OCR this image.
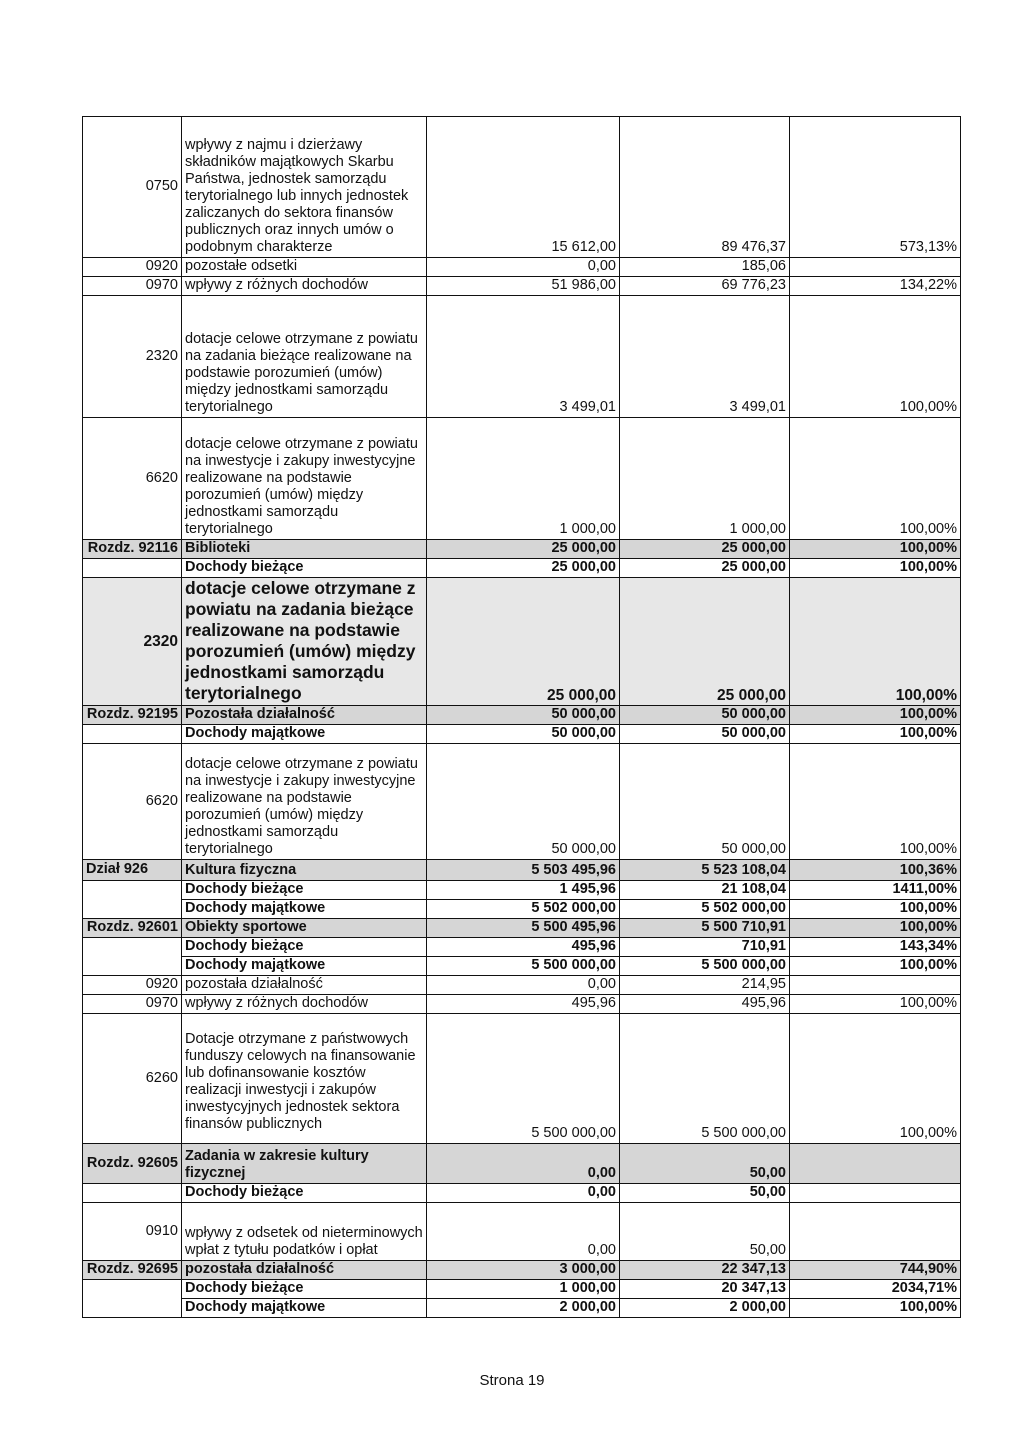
0750	wpływy z najmu i dzierżawy składników majątkowych Skarbu Państwa, jednostek samorządu terytorialnego lub innych jednostek zaliczanych do sektora finansów publicznych oraz innych umów o podobnym charakterze	15 612,00	89 476,37	573,13%
0920	pozostałe odsetki	0,00	185,06	
0970	wpływy z różnych dochodów	51 986,00	69 776,23	134,22%
2320	dotacje celowe otrzymane z powiatu na zadania bieżące realizowane na podstawie porozumień (umów) między jednostkami samorządu terytorialnego	3 499,01	3 499,01	100,00%
6620	dotacje celowe otrzymane z powiatu na inwestycje i zakupy inwestycyjne realizowane na podstawie porozumień (umów) między jednostkami samorządu terytorialnego	1 000,00	1 000,00	100,00%
Rozdz. 92116	Biblioteki	25 000,00	25 000,00	100,00%
	Dochody bieżące	25 000,00	25 000,00	100,00%
2320	dotacje celowe otrzymane z powiatu na zadania bieżące realizowane na podstawie porozumień (umów) między jednostkami samorządu terytorialnego	25 000,00	25 000,00	100,00%
Rozdz. 92195	Pozostała działalność	50 000,00	50 000,00	100,00%
	Dochody majątkowe	50 000,00	50 000,00	100,00%
6620	dotacje celowe otrzymane z powiatu na inwestycje i zakupy inwestycyjne realizowane na podstawie porozumień (umów) między jednostkami samorządu terytorialnego	50 000,00	50 000,00	100,00%
Dział 926	Kultura fizyczna	5 503 495,96	5 523 108,04	100,36%
	Dochody bieżące	1 495,96	21 108,04	1411,00%
	Dochody majątkowe	5 502 000,00	5 502 000,00	100,00%
Rozdz. 92601	Obiekty sportowe	5 500 495,96	5 500 710,91	100,00%
	Dochody bieżące	495,96	710,91	143,34%
	Dochody majątkowe	5 500 000,00	5 500 000,00	100,00%
0920	pozostała działalność	0,00	214,95	
0970	wpływy z różnych dochodów	495,96	495,96	100,00%
6260	Dotacje otrzymane z państwowych funduszy celowych na finansowanie lub dofinansowanie kosztów realizacji inwestycji i zakupów inwestycyjnych jednostek sektora finansów publicznych	5 500 000,00	5 500 000,00	100,00%
Rozdz. 92605	Zadania w zakresie kultury fizycznej	0,00	50,00	
	Dochody bieżące	0,00	50,00	
0910	wpływy z odsetek od nieterminowych wpłat z tytułu podatków i opłat	0,00	50,00	
Rozdz. 92695	pozostała działalność	3 000,00	22 347,13	744,90%
	Dochody bieżące	1 000,00	20 347,13	2034,71%
	Dochody majątkowe	2 000,00	2 000,00	100,00%
Strona 19
